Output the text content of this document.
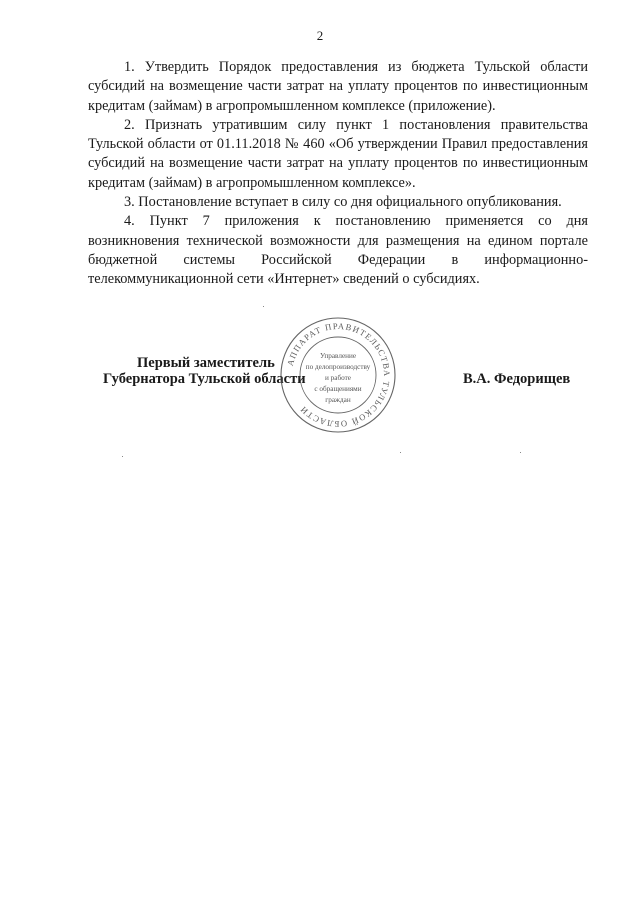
2

1. Утвердить Порядок предоставления из бюджета Тульской области субсидий на возмещение части затрат на уплату процентов по инвестиционным кредитам (займам) в агропромышленном комплексе (приложение).

2. Признать утратившим силу пункт 1 постановления правительства Тульской области от 01.11.2018 № 460 «Об утверждении Правил предоставления субсидий на возмещение части затрат на уплату процентов по инвестиционным кредитам (займам) в агропромышленном комплексе».

3. Постановление вступает в силу со дня официального опубликования.

4. Пункт 7 приложения к постановлению применяется со дня возникновения технической возможности для размещения на едином портале бюджетной системы Российской Федерации в информационно-телекоммуникационной сети «Интернет» сведений о субсидиях.

Первый заместитель
Губернатора Тульской области	В.А. Федорищев
АППАРАТ ПРАВИТЕЛЬСТВА ТУЛЬСКОЙ ОБЛАСТИ
Управление
по делопроизводству
и работе
с обращениями
граждан
